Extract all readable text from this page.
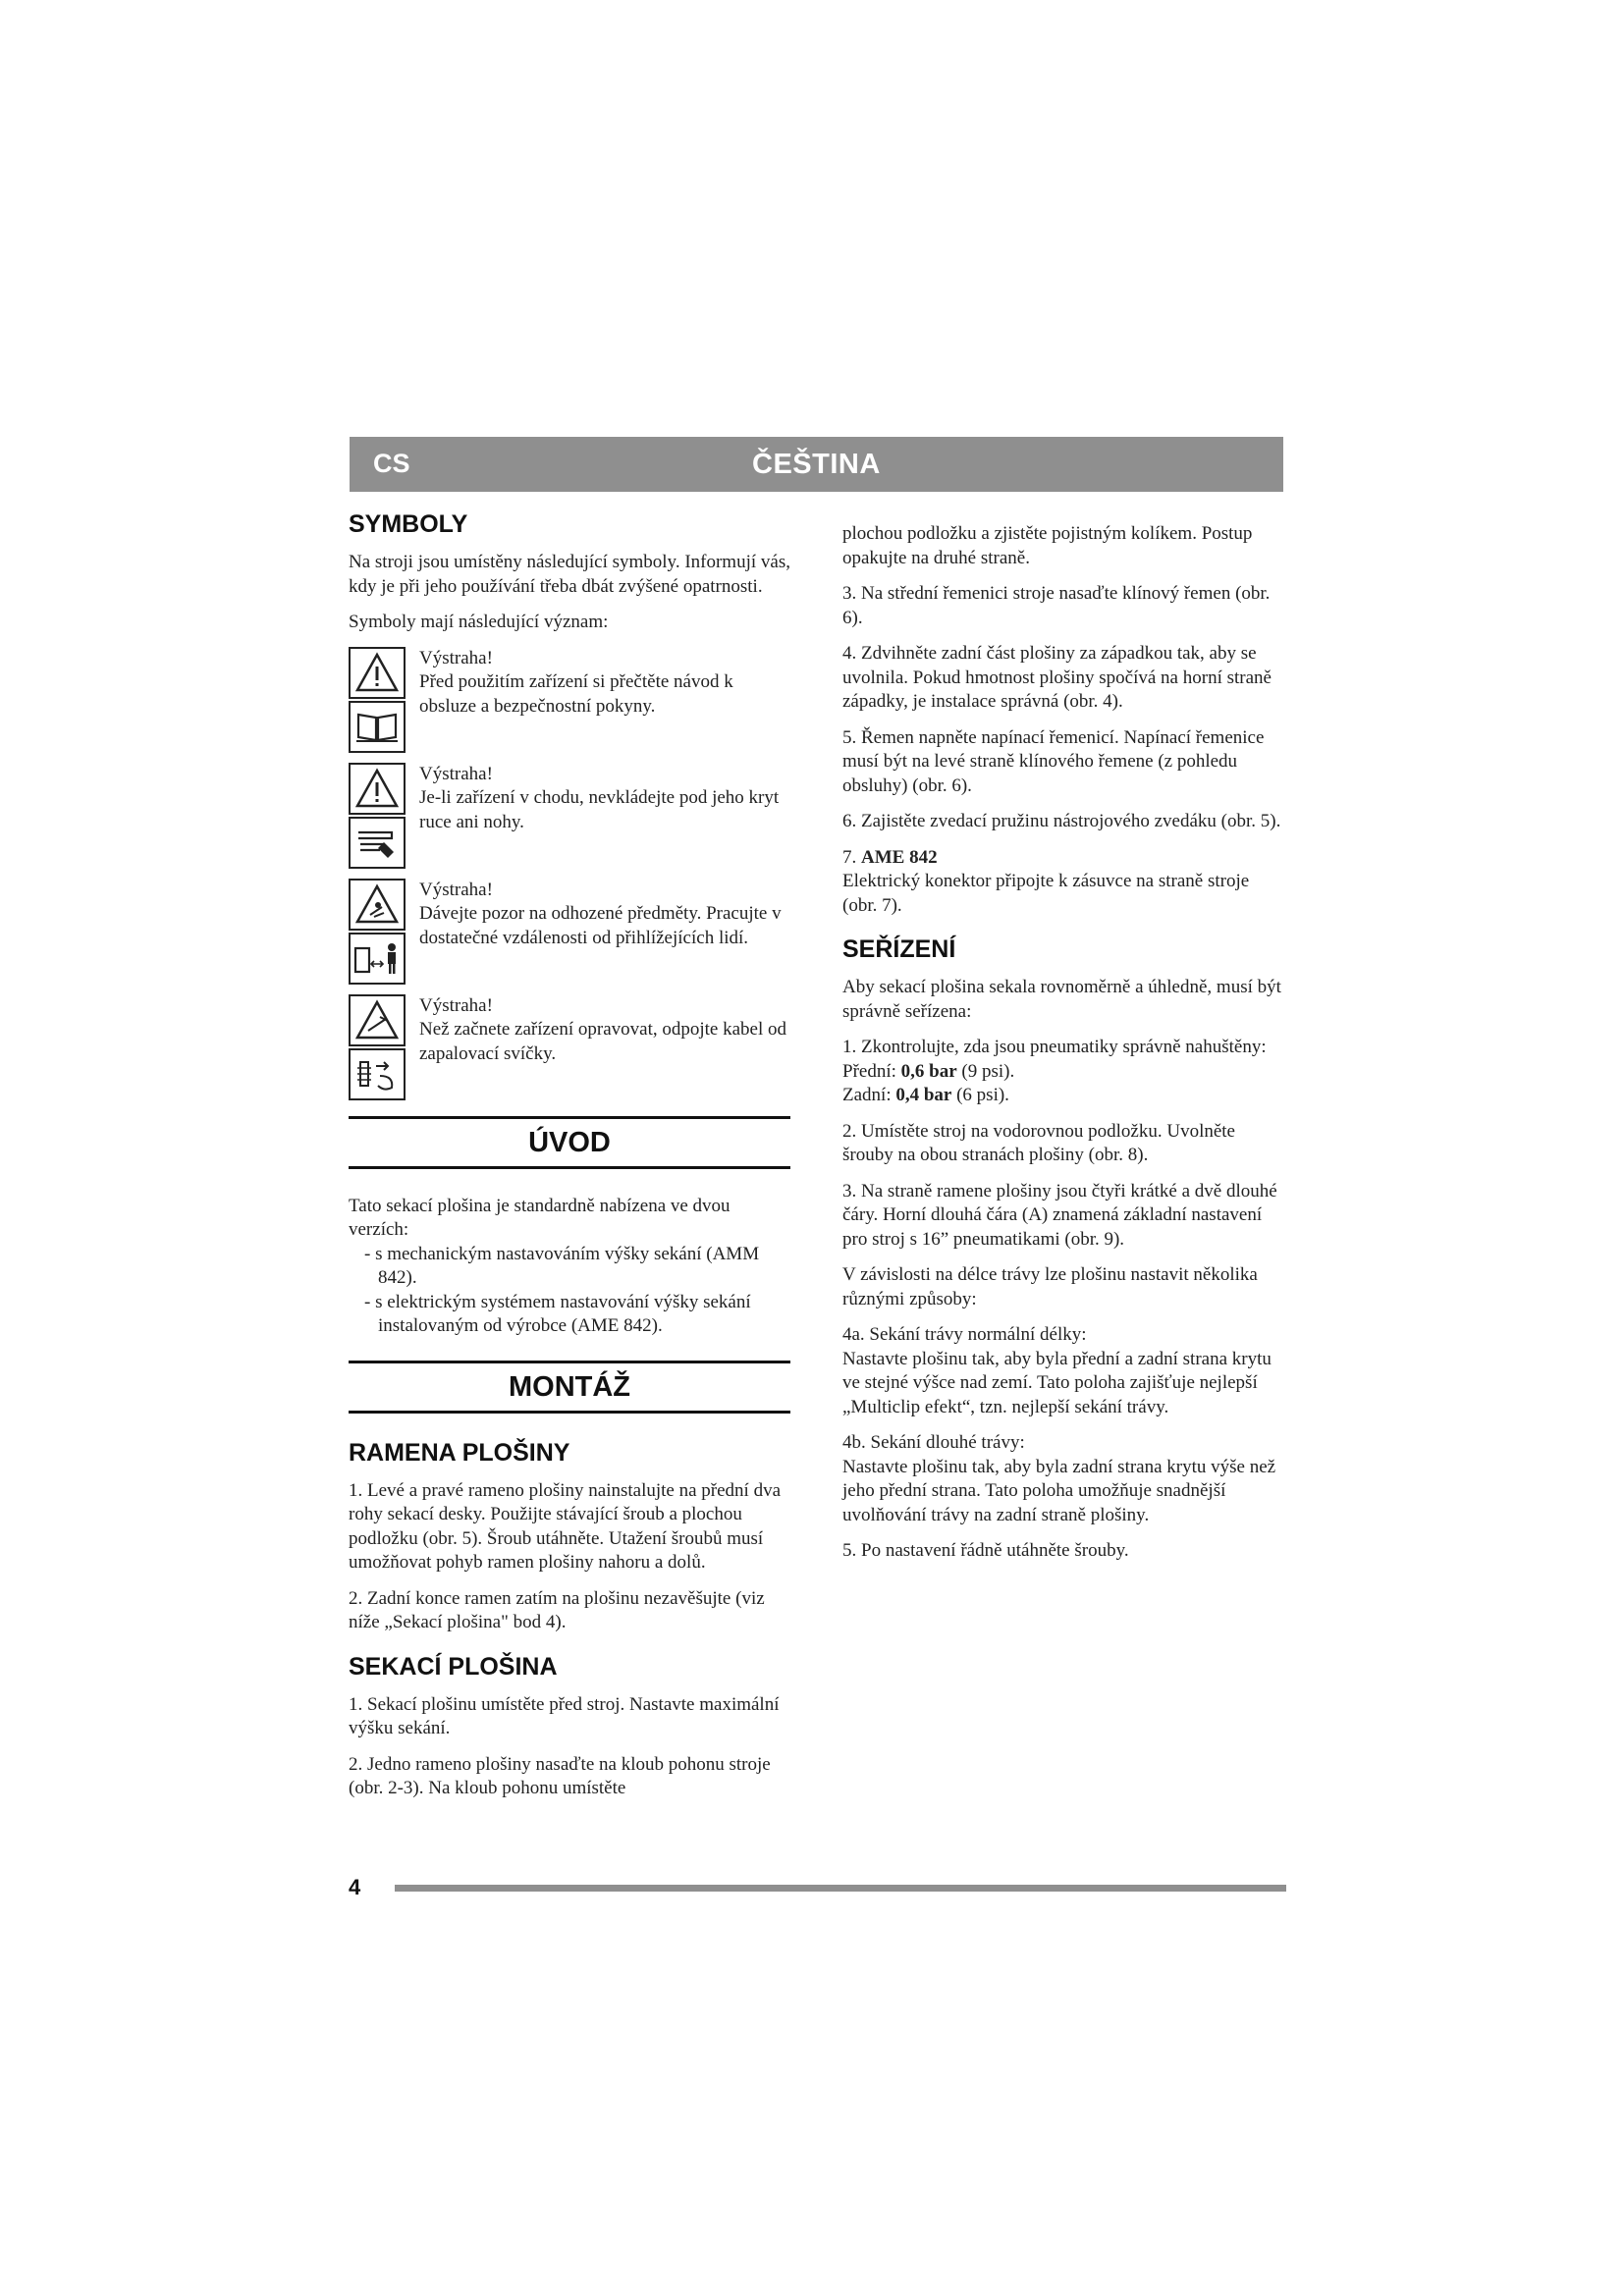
CS	ČEŠTINA
SYMBOLY

Na stroji jsou umístěny následující symboly. Informují vás, kdy je při jeho používání třeba dbát zvýšené opatrnosti.

Symboly mají následující význam:

Výstraha!

Před použitím zařízení si přečtěte návod k obsluze a bezpečnostní pokyny.

Výstraha!

Je-li zařízení v chodu, nevkládejte pod jeho kryt ruce ani nohy.

Výstraha!

Dávejte pozor na odhozené předměty. Pracujte v dostatečné vzdálenosti od přihlížejících lidí.

Výstraha!

Než začnete zařízení opravovat, odpojte kabel od zapalovací svíčky.

ÚVOD

Tato sekací plošina je standardně nabízena ve dvou verzích:

- s mechanickým nastavováním výšky sekání (AMM 842).

- s elektrickým systémem nastavování výšky sekání instalovaným od výrobce (AME 842).

MONTÁŽ
RAMENA PLOŠINY

1. Levé a pravé rameno plošiny nainstalujte na přední dva rohy sekací desky. Použijte stávající šroub a plochou podložku (obr. 5). Šroub utáhněte. Utažení šroubů musí umožňovat pohyb ramen plošiny nahoru a dolů.

2. Zadní konce ramen zatím na plošinu nezavěšujte (viz níže „Sekací plošina" bod 4).

SEKACÍ PLOŠINA

1. Sekací plošinu umístěte před stroj. Nastavte maximální výšku sekání.

2. Jedno rameno plošiny nasaďte na kloub pohonu stroje (obr. 2-3). Na kloub pohonu umístěte

plochou podložku a zjistěte pojistným kolíkem. Postup opakujte na druhé straně.

3. Na střední řemenici stroje nasaďte klínový řemen (obr. 6).

4. Zdvihněte zadní část plošiny za západkou tak, aby se uvolnila. Pokud hmotnost plošiny spočívá na horní straně západky, je instalace správná (obr. 4).

5. Řemen napněte napínací řemenicí. Napínací řemenice musí být na levé straně klínového řemene (z pohledu obsluhy) (obr. 6).

6. Zajistěte zvedací pružinu nástrojového zvedáku (obr. 5).

7. AME 842

Elektrický konektor připojte k zásuvce na straně stroje (obr. 7).

SEŘÍZENÍ

Aby sekací plošina sekala rovnoměrně a úhledně, musí být správně seřízena:

1. Zkontrolujte, zda jsou pneumatiky správně nahuštěny:

Přední: 0,6 bar (9 psi).

Zadní: 0,4 bar (6 psi).

2. Umístěte stroj na vodorovnou podložku. Uvolněte šrouby na obou stranách plošiny (obr. 8).

3. Na straně ramene plošiny jsou čtyři krátké a dvě dlouhé čáry. Horní dlouhá čára (A) znamená základní nastavení pro stroj s 16” pneumatikami (obr. 9).

V závislosti na délce trávy lze plošinu nastavit několika různými způsoby:

4a. Sekání trávy normální délky:

Nastavte plošinu tak, aby byla přední a zadní strana krytu ve stejné výšce nad zemí. Tato poloha zajišťuje nejlepší „Multiclip efekt“, tzn. nejlepší sekání trávy.

4b. Sekání dlouhé trávy:

Nastavte plošinu tak, aby byla zadní strana krytu výše než jeho přední strana. Tato poloha umožňuje snadnější uvolňování trávy na zadní straně plošiny.

5. Po nastavení řádně utáhněte šrouby.

4
